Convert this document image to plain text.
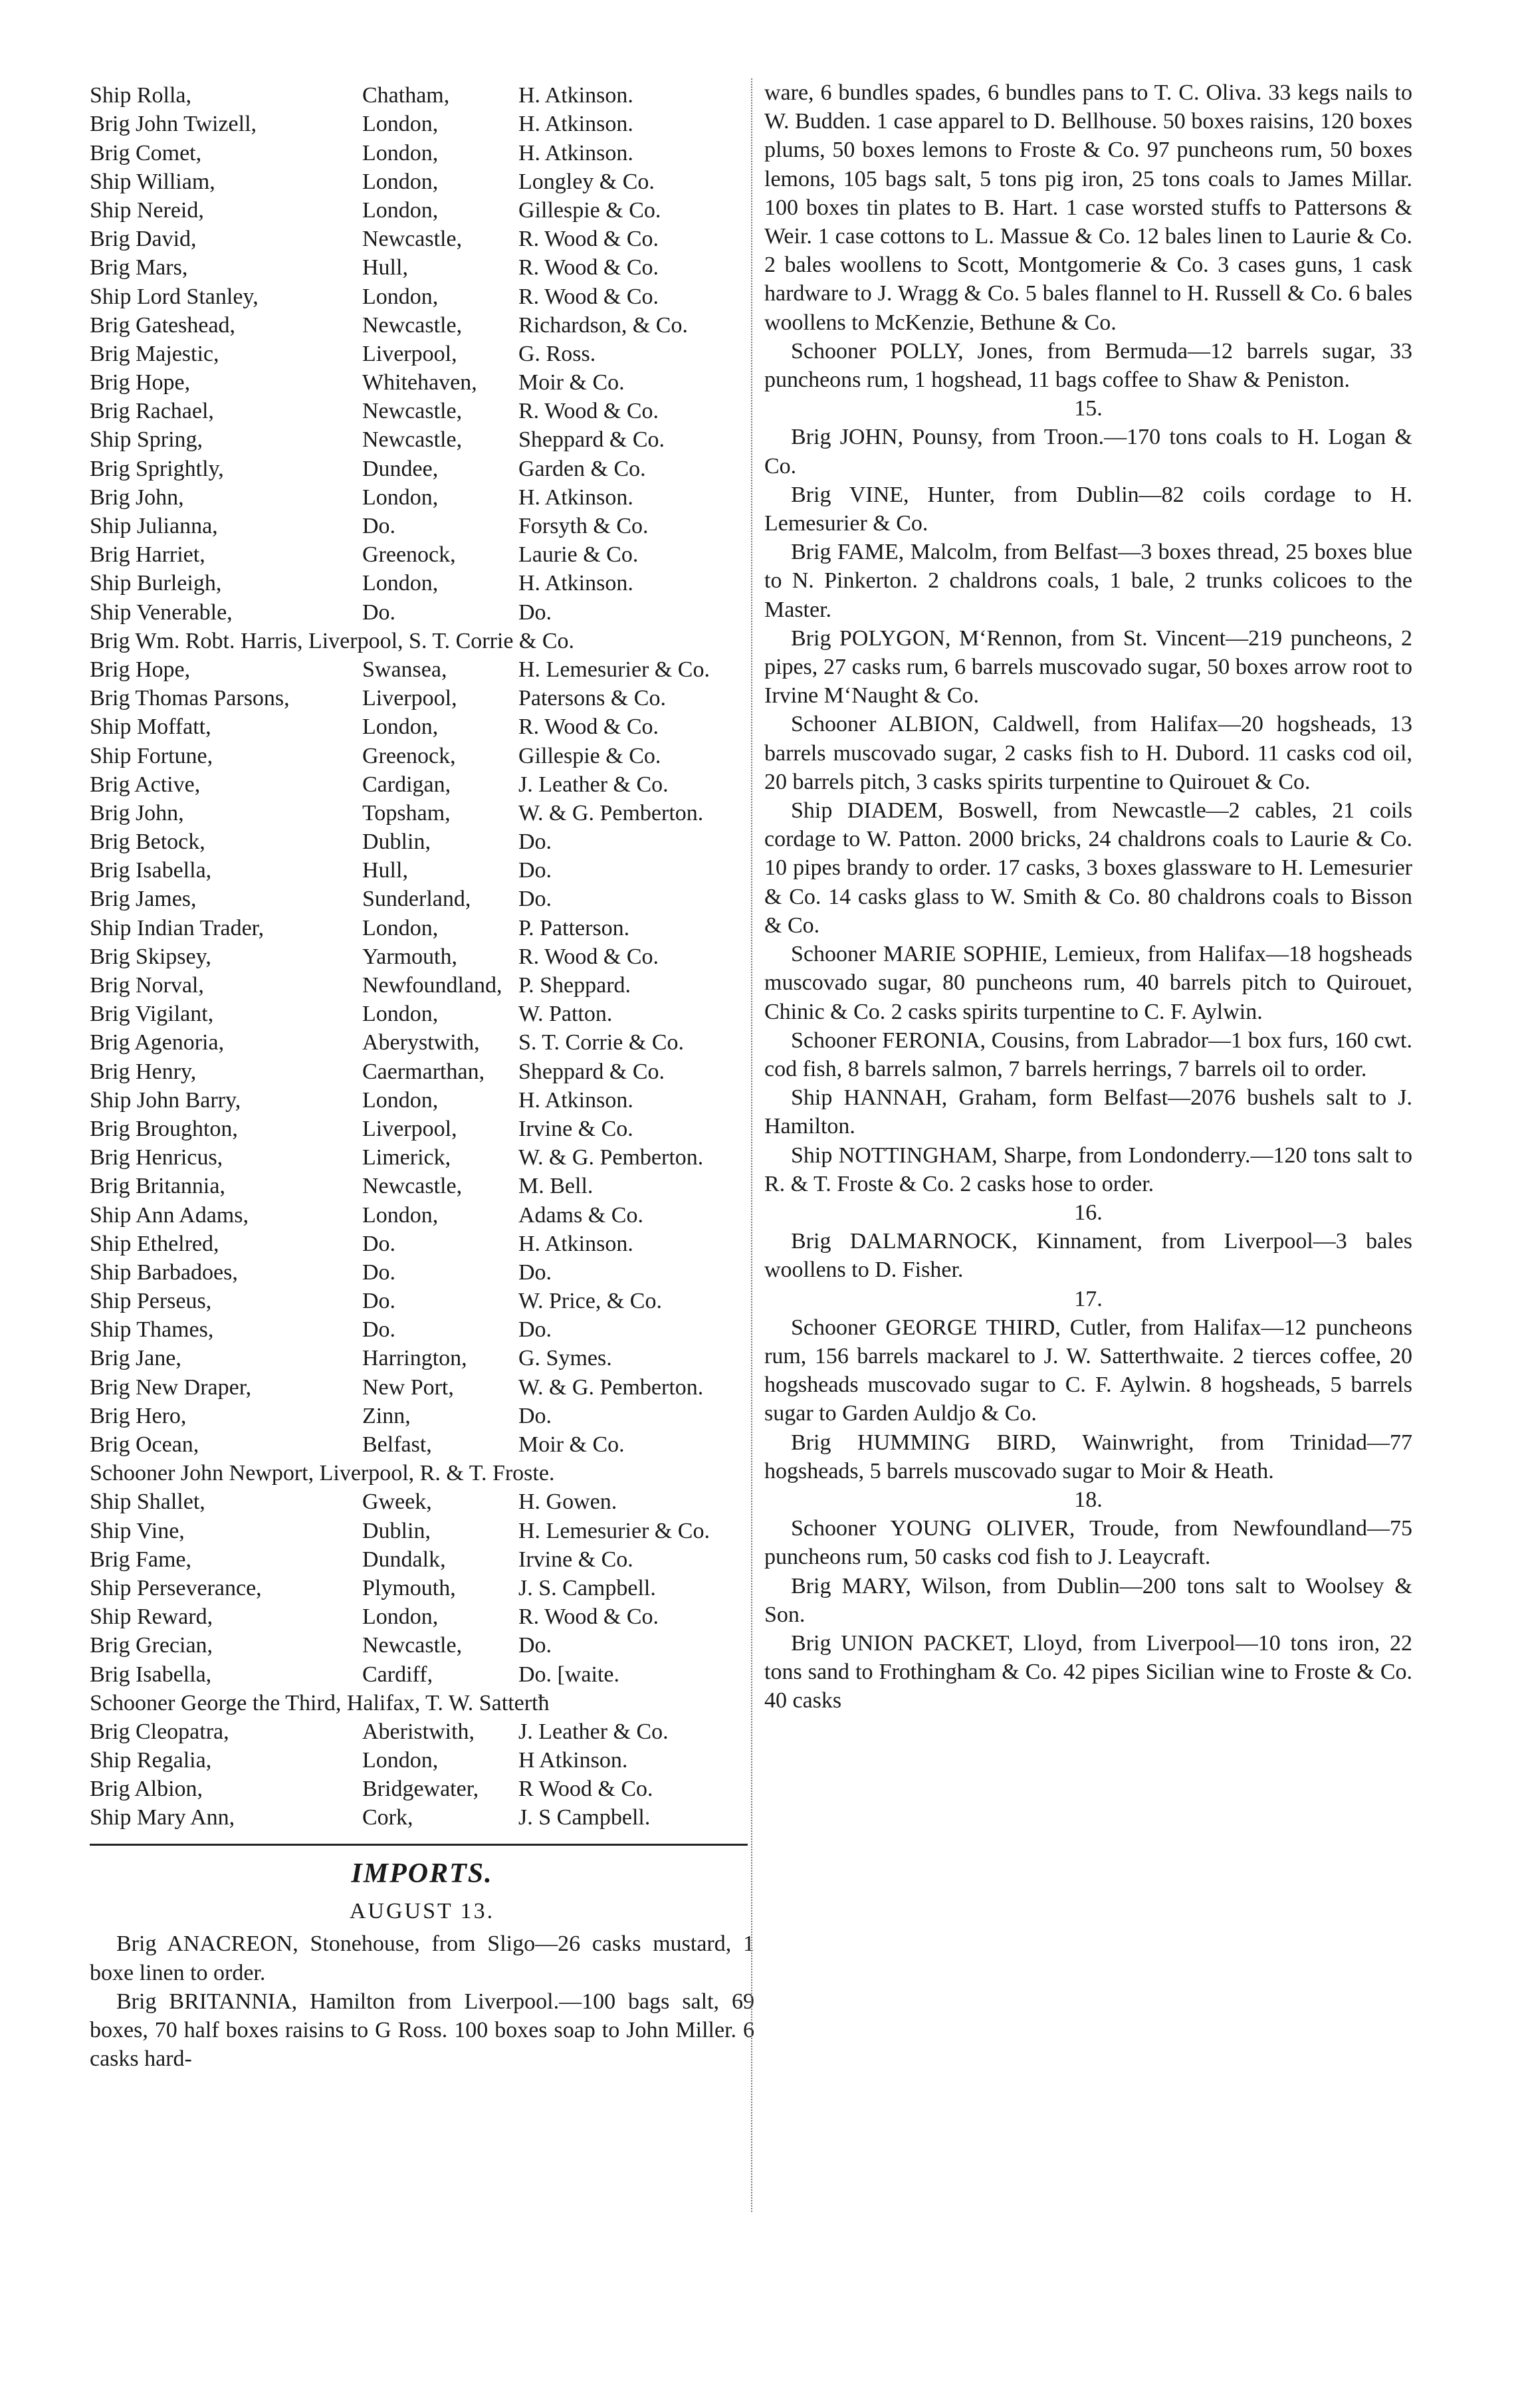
Ship Rolla,	Chatham,	H. Atkinson.
Brig John Twizell,	London,	H. Atkinson.
Brig Comet,	London,	H. Atkinson.
Ship William,	London,	Longley & Co.
Ship Nereid,	London,	Gillespie & Co.
Brig David,	Newcastle,	R. Wood & Co.
Brig Mars,	Hull,	R. Wood & Co.
Ship Lord Stanley,	London,	R. Wood & Co.
Brig Gateshead,	Newcastle,	Richardson, & Co.
Brig Majestic,	Liverpool,	G. Ross.
Brig Hope,	Whitehaven,	Moir & Co.
Brig Rachael,	Newcastle,	R. Wood & Co.
Ship Spring,	Newcastle,	Sheppard & Co.
Brig Sprightly,	Dundee,	Garden & Co.
Brig John,	London,	H. Atkinson.
Ship Julianna,	Do.	Forsyth & Co.
Brig Harriet,	Greenock,	Laurie & Co.
Ship Burleigh,	London,	H. Atkinson.
Ship Venerable,	Do.	Do.
Brig Wm. Robt. Harris, Liverpool, S. T. Corrie & Co.
Brig Hope,	Swansea,	H. Lemesurier & Co.
Brig Thomas Parsons,	Liverpool,	Patersons & Co.
Ship Moffatt,	London,	R. Wood & Co.
Ship Fortune,	Greenock,	Gillespie & Co.
Brig Active,	Cardigan,	J. Leather & Co.
Brig John,	Topsham,	W. & G. Pemberton.
Brig Betock,	Dublin,	Do.
Brig Isabella,	Hull,	Do.
Brig James,	Sunderland,	Do.
Ship Indian Trader,	London,	P. Patterson.
Brig Skipsey,	Yarmouth,	R. Wood & Co.
Brig Norval,	Newfoundland, P. Sheppard.
Brig Vigilant,	London,	W. Patton.
Brig Agenoria,	Aberystwith,	S. T. Corrie & Co.
Brig Henry,	Caermarthan,	Sheppard & Co.
Ship John Barry,	London,	H. Atkinson.
Brig Broughton,	Liverpool,	Irvine & Co.
Brig Henricus,	Limerick,	W. & G. Pemberton.
Brig Britannia,	Newcastle,	M. Bell.
Ship Ann Adams,	London,	Adams & Co.
Ship Ethelred,	Do.	H. Atkinson.
Ship Barbadoes,	Do.	Do.
Ship Perseus,	Do.	W. Price, & Co.
Ship Thames,	Do.	Do.
Brig Jane,	Harrington,	G. Symes.
Brig New Draper,	New Port,	W. & G. Pemberton.
Brig Hero,	Zinn,	Do.
Brig Ocean,	Belfast,	Moir & Co.
Schooner John Newport, Liverpool, R. & T. Froste.
Ship Shallet,	Gweek,	H. Gowen.
Ship Vine,	Dublin,	H. Lemesurier & Co.
Brig Fame,	Dundalk,	Irvine & Co.
Ship Perseverance,	Plymouth,	J. S. Campbell.
Ship Reward,	London,	R. Wood & Co.
Brig Grecian,	Newcastle,	Do.
Brig Isabella,	Cardiff,	Do. [waite.
Schooner George the Third, Halifax, T. W. Sattertħ
Brig Cleopatra,	Aberistwith,	J. Leather & Co.
Ship Regalia,	London,	H Atkinson.
Brig Albion,	Bridgewater,	R Wood & Co.
Ship Mary Ann,	Cork,	J. S Campbell.
IMPORTS.
AUGUST 13.

Brig ANACREON, Stonehouse, from Sligo—26 casks mustard, 1 boxe linen to order.

Brig BRITANNIA, Hamilton from Liverpool.—100 bags salt, 69 boxes, 70 half boxes raisins to G Ross. 100 boxes soap to John Miller. 6 casks hard-

ware, 6 bundles spades, 6 bundles pans to T. C. Oliva. 33 kegs nails to W. Budden. 1 case apparel to D. Bellhouse. 50 boxes raisins, 120 boxes plums, 50 boxes lemons to Froste & Co. 97 puncheons rum, 50 boxes lemons, 105 bags salt, 5 tons pig iron, 25 tons coals to James Millar. 100 boxes tin plates to B. Hart. 1 case worsted stuffs to Pattersons & Weir. 1 case cottons to L. Massue & Co. 12 bales linen to Laurie & Co. 2 bales woollens to Scott, Montgomerie & Co. 3 cases guns, 1 cask hardware to J. Wragg & Co. 5 bales flannel to H. Russell & Co. 6 bales woollens to McKenzie, Bethune & Co.

Schooner POLLY, Jones, from Bermuda—12 barrels sugar, 33 puncheons rum, 1 hogshead, 11 bags coffee to Shaw & Peniston.

15.

Brig JOHN, Pounsy, from Troon.—170 tons coals to H. Logan & Co.

Brig VINE, Hunter, from Dublin—82 coils cordage to H. Lemesurier & Co.

Brig FAME, Malcolm, from Belfast—3 boxes thread, 25 boxes blue to N. Pinkerton. 2 chaldrons coals, 1 bale, 2 trunks colicoes to the Master.

Brig POLYGON, M‘Rennon, from St. Vincent—219 puncheons, 2 pipes, 27 casks rum, 6 barrels muscovado sugar, 50 boxes arrow root to Irvine M‘Naught & Co.

Schooner ALBION, Caldwell, from Halifax—20 hogsheads, 13 barrels muscovado sugar, 2 casks fish to H. Dubord. 11 casks cod oil, 20 barrels pitch, 3 casks spirits turpentine to Quirouet & Co.

Ship DIADEM, Boswell, from Newcastle—2 cables, 21 coils cordage to W. Patton. 2000 bricks, 24 chaldrons coals to Laurie & Co. 10 pipes brandy to order. 17 casks, 3 boxes glassware to H. Lemesurier & Co. 14 casks glass to W. Smith & Co. 80 chaldrons coals to Bisson & Co.

Schooner MARIE SOPHIE, Lemieux, from Halifax—18 hogsheads muscovado sugar, 80 puncheons rum, 40 barrels pitch to Quirouet, Chinic & Co. 2 casks spirits turpentine to C. F. Aylwin.

Schooner FERONIA, Cousins, from Labrador—1 box furs, 160 cwt. cod fish, 8 barrels salmon, 7 barrels herrings, 7 barrels oil to order.

Ship HANNAH, Graham, form Belfast—2076 bushels salt to J. Hamilton.

Ship NOTTINGHAM, Sharpe, from Londonderry.—120 tons salt to R. & T. Froste & Co. 2 casks hose to order.

16.

Brig DALMARNOCK, Kinnament, from Liverpool—3 bales woollens to D. Fisher.

17.

Schooner GEORGE THIRD, Cutler, from Halifax—12 puncheons rum, 156 barrels mackarel to J. W. Satterthwaite. 2 tierces coffee, 20 hogsheads muscovado sugar to C. F. Aylwin. 8 hogsheads, 5 barrels sugar to Garden Auldjo & Co.

Brig HUMMING BIRD, Wainwright, from Trinidad—77 hogsheads, 5 barrels muscovado sugar to Moir & Heath.

18.

Schooner YOUNG OLIVER, Troude, from Newfoundland—75 puncheons rum, 50 casks cod fish to J. Leaycraft.

Brig MARY, Wilson, from Dublin—200 tons salt to Woolsey & Son.

Brig UNION PACKET, Lloyd, from Liverpool—10 tons iron, 22 tons sand to Frothingham & Co. 42 pipes Sicilian wine to Froste & Co. 40 casks
